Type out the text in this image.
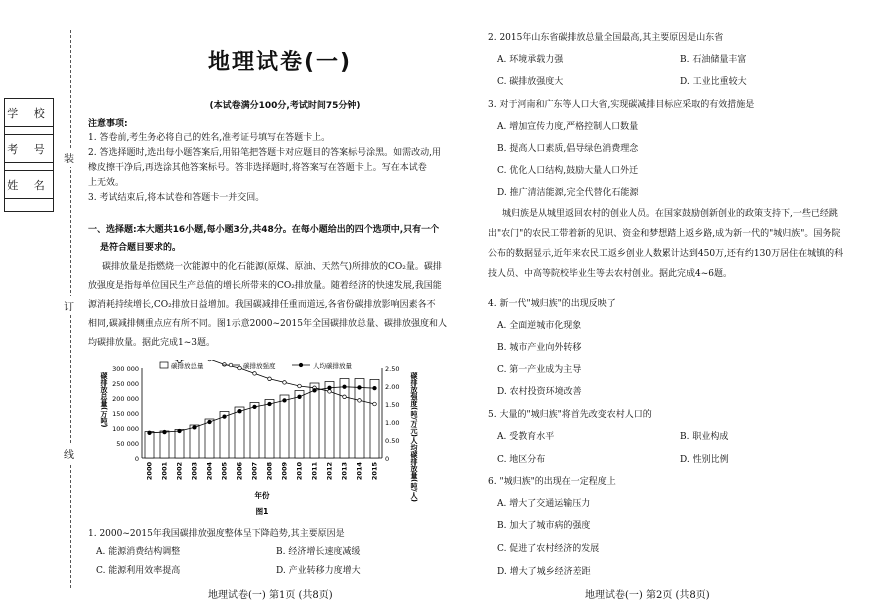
装
订
线
学 校
考 号
姓 名
地理试卷(一)
(本试卷满分100分,考试时间75分钟)
注意事项:
1. 答卷前,考生务必将自己的姓名,准考证号填写在答题卡上。
2. 答选择题时,选出每小题答案后,用铅笔把答题卡对应题目的答案标号涂黑。如需改动,用
橡皮擦干净后,再选涂其他答案标号。答非选择题时,将答案写在答题卡上。写在本试卷
上无效。
3. 考试结束后,将本试卷和答题卡一并交回。
一、选择题:本大题共16小题,每小题3分,共48分。在每小题给出的四个选项中,只有一个
是符合题目要求的。
碳排放量是指燃烧一次能源中的化石能源(原煤、原油、天然气)所排放的CO₂量。碳排
放强度是指每单位国民生产总值的增长所带来的CO₂排放量。随着经济的快速发展,我国能
源消耗持续增长,CO₂排放日益增加。我国碳减排任重而道远,各省份碳排放影响因素各不
相同,碳减排侧重点应有所不同。图1示意2000~2015年全国碳排放总量、碳排放强度和人
均碳排放量。据此完成1~3题。
300 000
250 000
200 000
150 000
100 000
50 000
0
2.50
2.00
1.50
1.00
0.50
0
2000 2001 2002 2003 2004 2005 2006 2007 2008 2009 2010 2011 2012 2013 2014 2015
年份
图1
碳排放总量(万吨)	碳排放强度(吨/万元)人均碳排放量(吨/人)
碳排放总量	碳排放强度	人均碳排放量
1. 2000~2015年我国碳排放强度整体呈下降趋势,其主要原因是
A. 能源消费结构调整	B. 经济增长速度减缓
C. 能源利用效率提高	D. 产业转移力度增大
地理试卷(一) 第1页 (共8页)
2. 2015年山东省碳排放总量全国最高,其主要原因是山东省
A. 环境承载力强	B. 石油储量丰富
C. 碳排放强度大	D. 工业比重较大
3. 对于河南和广东等人口大省,实现碳减排目标应采取的有效措施是
A. 增加宣传力度,严格控制人口数量
B. 提高人口素质,倡导绿色消费理念
C. 优化人口结构,鼓励大量人口外迁
D. 推广清洁能源,完全代替化石能源
城归族是从城里返回农村的创业人员。在国家鼓励创新创业的政策支持下,一些已经跳
出"农门"的农民工带着新的见识、资金和梦想踏上返乡路,成为新一代的"城归族"。国务院
公布的数据显示,近年来农民工返乡创业人数累计达到450万,还有约130万居住在城镇的科
技人员、中高等院校毕业生等去农村创业。据此完成4~6题。
4. 新一代"城归族"的出现反映了
A. 全面逆城市化现象
B. 城市产业向外转移
C. 第一产业成为主导
D. 农村投资环境改善
5. 大量的"城归族"将首先改变农村人口的
A. 受教育水平	B. 职业构成
C. 地区分布	D. 性别比例
6. "城归族"的出现在一定程度上
A. 增大了交通运输压力
B. 加大了城市病的强度
C. 促进了农村经济的发展
D. 增大了城乡经济差距
地理试卷(一) 第2页 (共8页)
